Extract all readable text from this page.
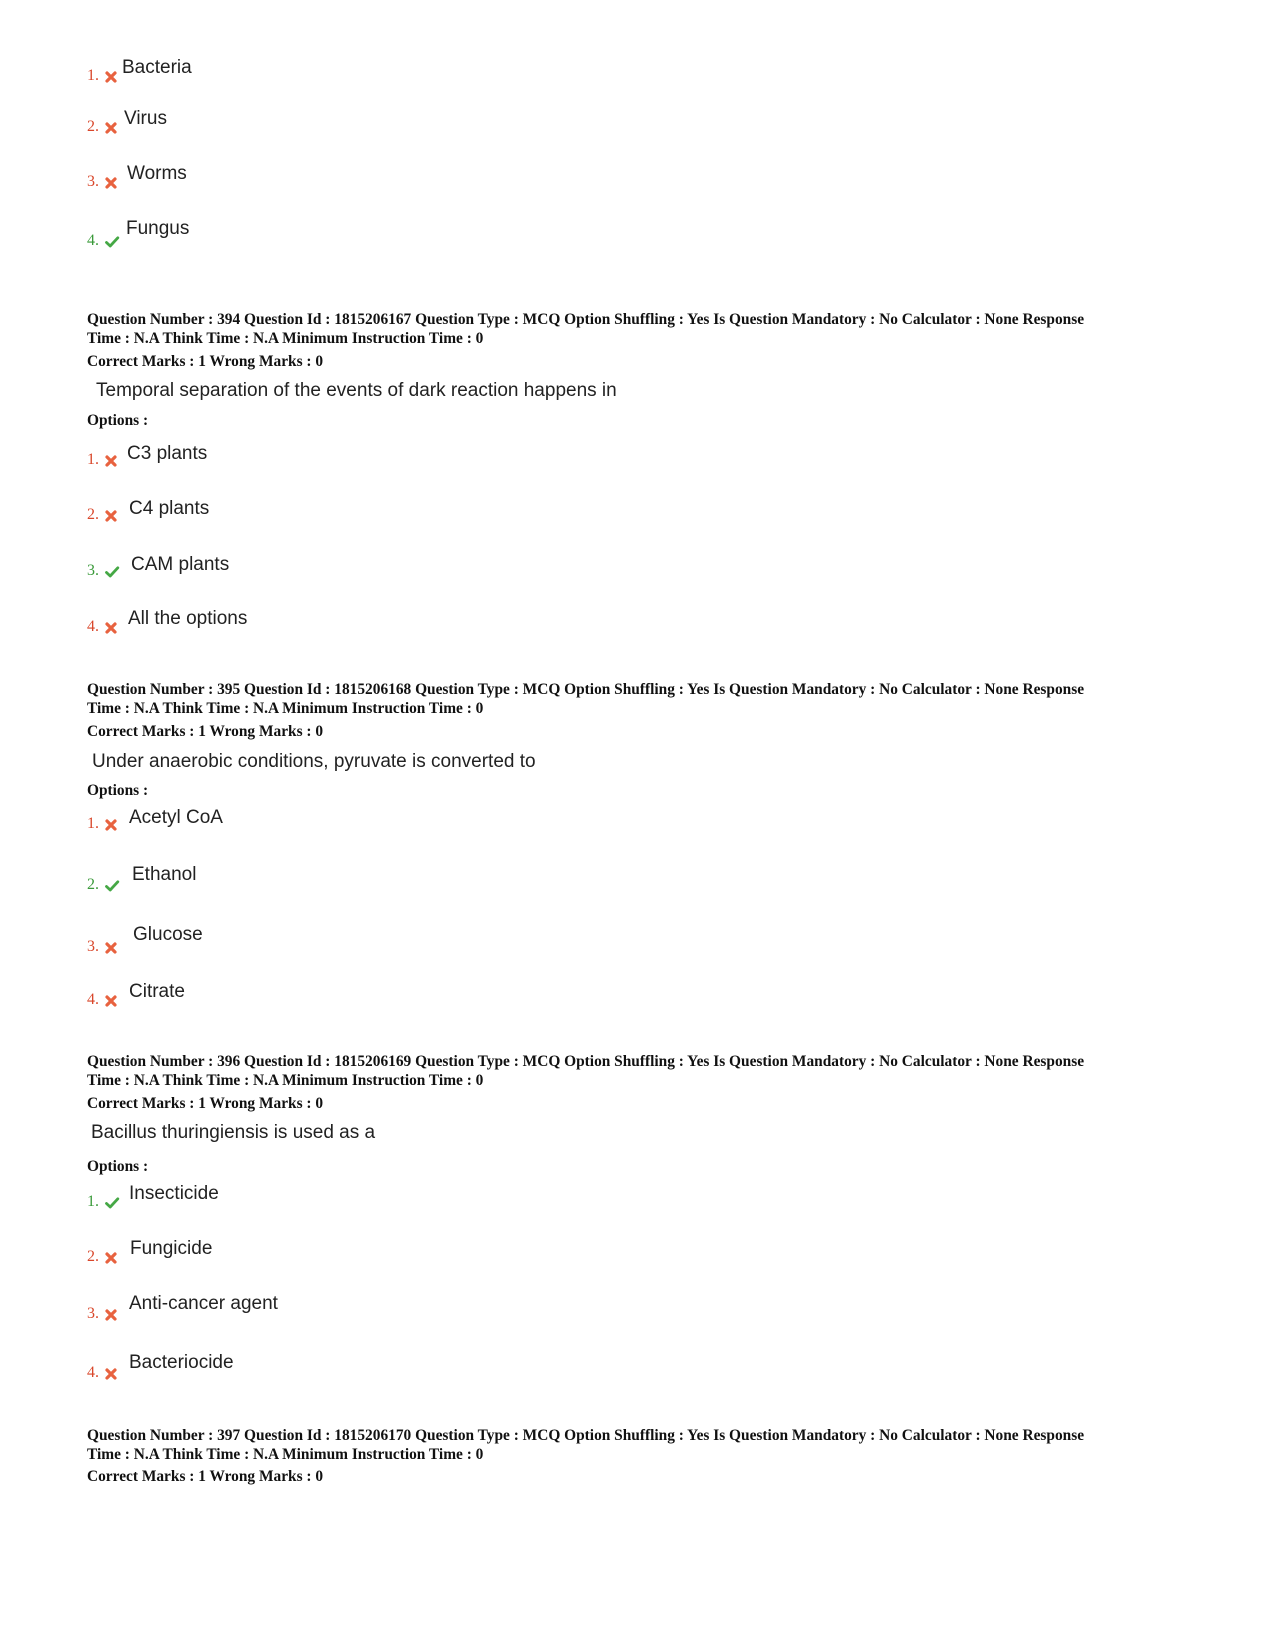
1. Bacteria
2. Virus
3. Worms
4.
Fungus
Question Number : 394 Question Id : 1815206167 Question Type : MCQ Option Shuffling : Yes Is Question Mandatory : No Calculator : None Response
Time : N.A Think Time : N.A Minimum Instruction Time : 0
Correct Marks : 1 Wrong Marks : 0
Temporal separation of the events of dark reaction happens in
Options :
1. C3 plants
2. C4 plants
3. CAM plants
4. All the options
Question Number : 395 Question Id : 1815206168 Question Type : MCQ Option Shuffling : Yes Is Question Mandatory : No Calculator : None Response
Time : N.A Think Time : N.A Minimum Instruction Time : 0
Correct Marks : 1 Wrong Marks : 0
Under anaerobic conditions, pyruvate is converted to
Options :
1. Acetyl CoA
2. Ethanol
3.
Glucose
4. Citrate
Question Number : 396 Question Id : 1815206169 Question Type : MCQ Option Shuffling : Yes Is Question Mandatory : No Calculator : None Response
Time : N.A Think Time : N.A Minimum Instruction Time : 0
Correct Marks : 1 Wrong Marks : 0
Bacillus thuringiensis is used as a
Options :
1. Insecticide
2. Fungicide
3. Anti-cancer agent
4. Bacteriocide
Question Number : 397 Question Id : 1815206170 Question Type : MCQ Option Shuffling : Yes Is Question Mandatory : No Calculator : None Response
Time : N.A Think Time : N.A Minimum Instruction Time : 0
Correct Marks : 1 Wrong Marks : 0
